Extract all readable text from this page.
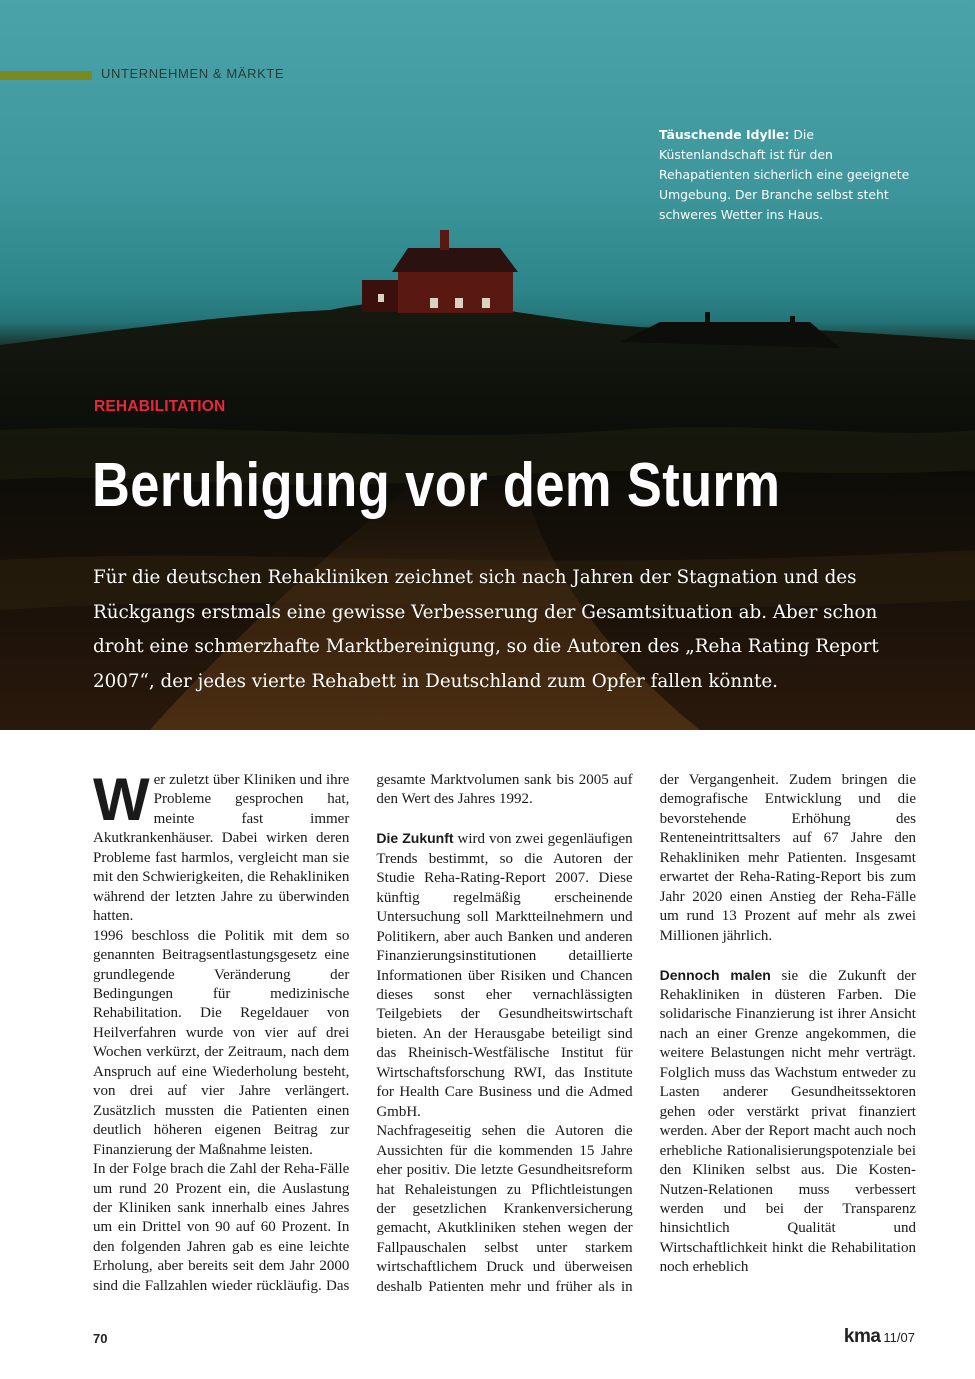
UNTERNEHMEN & MÄRKTE
Täuschende Idylle: Die Küstenlandschaft ist für den Rehapatienten sicherlich eine geeignete Umgebung. Der Branche selbst steht schweres Wetter ins Haus.
REHABILITATION
Beruhigung vor dem Sturm

Für die deutschen Rehakliniken zeichnet sich nach Jahren der Stagnation und des Rückgangs erstmals eine gewisse Verbesserung der Gesamtsituation ab. Aber schon droht eine schmerzhafte Marktbereinigung, so die Autoren des „Reha Rating Report 2007“, der jedes vierte Rehabett in Deutschland zum Opfer fallen könnte.

Wer zuletzt über Kliniken und ihre Probleme gesprochen hat, meinte fast immer Akutkrankenhäuser. Dabei wirken deren Probleme fast harmlos, vergleicht man sie mit den Schwierigkeiten, die Rehakliniken während der letzten Jahre zu überwinden hatten.

1996 beschloss die Politik mit dem so genannten Beitragsentlastungsgesetz eine grundlegende Veränderung der Bedingungen für medizinische Rehabilitation. Die Regeldauer von Heilverfahren wurde von vier auf drei Wochen verkürzt, der Zeitraum, nach dem Anspruch auf eine Wiederholung besteht, von drei auf vier Jahre verlängert. Zusätzlich mussten die Patienten einen deutlich höheren eigenen Beitrag zur Finanzierung der Maßnahme leisten.

In der Folge brach die Zahl der Reha-Fälle um rund 20 Prozent ein, die Auslastung der Kliniken sank innerhalb eines Jahres um ein Drittel von 90 auf 60 Prozent. In den folgenden Jahren gab es eine leichte Erholung, aber bereits seit dem Jahr 2000 sind die Fallzahlen wieder rückläufig. Das gesamte Marktvolumen sank bis 2005 auf den Wert des Jahres 1992.

Die Zukunft wird von zwei gegenläufigen Trends bestimmt, so die Autoren der Studie Reha-Rating-Report 2007. Diese künftig regelmäßig erscheinende Untersuchung soll Marktteilnehmern und Politikern, aber auch Banken und anderen Finanzierungsinstitutionen detaillierte Informationen über Risiken und Chancen dieses sonst eher vernachlässigten Teilgebiets der Gesundheitswirtschaft bieten. An der Herausgabe beteiligt sind das Rheinisch-Westfälische Institut für Wirtschaftsforschung RWI, das Institute for Health Care Business und die Admed GmbH.

Nachfrageseitig sehen die Autoren die Aussichten für die kommenden 15 Jahre eher positiv. Die letzte Gesundheitsreform hat Rehaleistungen zu Pflichtleistungen der gesetzlichen Krankenversicherung gemacht, Akutkliniken stehen wegen der Fallpauschalen selbst unter starkem wirtschaftlichem Druck und überweisen deshalb Patienten mehr und früher als in der Vergangenheit. Zudem bringen die demografische Entwicklung und die bevorstehende Erhöhung des Renteneintrittsalters auf 67 Jahre den Rehakliniken mehr Patienten. Insgesamt erwartet der Reha-Rating-Report bis zum Jahr 2020 einen Anstieg der Reha-Fälle um rund 13 Prozent auf mehr als zwei Millionen jährlich.

Dennoch malen sie die Zukunft der Rehakliniken in düsteren Farben. Die solidarische Finanzierung ist ihrer Ansicht nach an einer Grenze angekommen, die weitere Belastungen nicht mehr verträgt. Folglich muss das Wachstum entweder zu Lasten anderer Gesundheitssektoren gehen oder verstärkt privat finanziert werden. Aber der Report macht auch noch erhebliche Rationalisierungspotenziale bei den Kliniken selbst aus. Die Kosten-Nutzen-Relationen muss verbessert werden und bei der Transparenz hinsichtlich Qualität und Wirtschaftlichkeit hinkt die Rehabilitation noch erheblich

70	kma 11/07
